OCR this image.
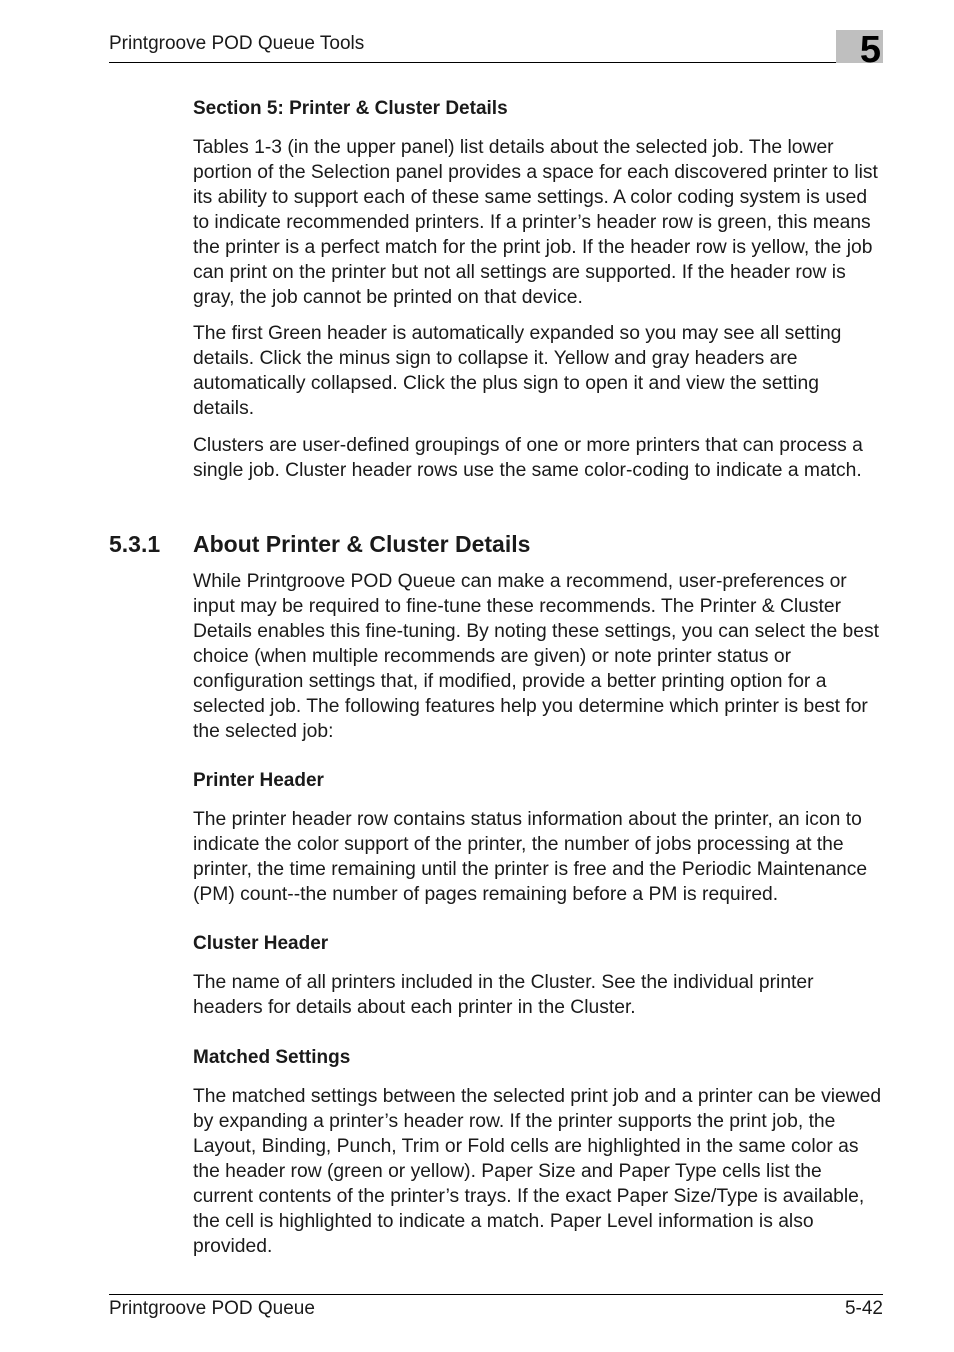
Printgroove POD Queue Tools	5
Section 5: Printer & Cluster Details

Tables 1-3 (in the upper panel) list details about the selected job. The lower portion of the Selection panel provides a space for each discovered printer to list its ability to support each of these same settings. A color coding system is used to indicate recommended printers. If a printer’s header row is green, this means the printer is a perfect match for the print job. If the header row is yellow, the job can print on the printer but not all settings are supported. If the header row is gray, the job cannot be printed on that device.

The first Green header is automatically expanded so you may see all setting details. Click the minus sign to collapse it. Yellow and gray headers are automatically collapsed. Click the plus sign to open it and view the setting details.

Clusters are user-defined groupings of one or more printers that can process a single job. Cluster header rows use the same color-coding to indicate a match.

5.3.1 About Printer & Cluster Details

While Printgroove POD Queue can make a recommend, user-preferences or input may be required to fine-tune these recommends. The Printer & Cluster Details enables this fine-tuning. By noting these settings, you can select the best choice (when multiple recommends are given) or note printer status or configuration settings that, if modified, provide a better printing option for a selected job. The following features help you determine which printer is best for the selected job:

Printer Header

The printer header row contains status information about the printer, an icon to indicate the color support of the printer, the number of jobs processing at the printer, the time remaining until the printer is free and the Periodic Maintenance (PM) count--the number of pages remaining before a PM is required.

Cluster Header

The name of all printers included in the Cluster. See the individual printer headers for details about each printer in the Cluster.

Matched Settings

The matched settings between the selected print job and a printer can be viewed by expanding a printer’s header row. If the printer supports the print job, the Layout, Binding, Punch, Trim or Fold cells are highlighted in the same color as the header row (green or yellow). Paper Size and Paper Type cells list the current contents of the printer’s trays. If the exact Paper Size/Type is available, the cell is highlighted to indicate a match. Paper Level information is also provided.

Printgroove POD Queue	5-42
